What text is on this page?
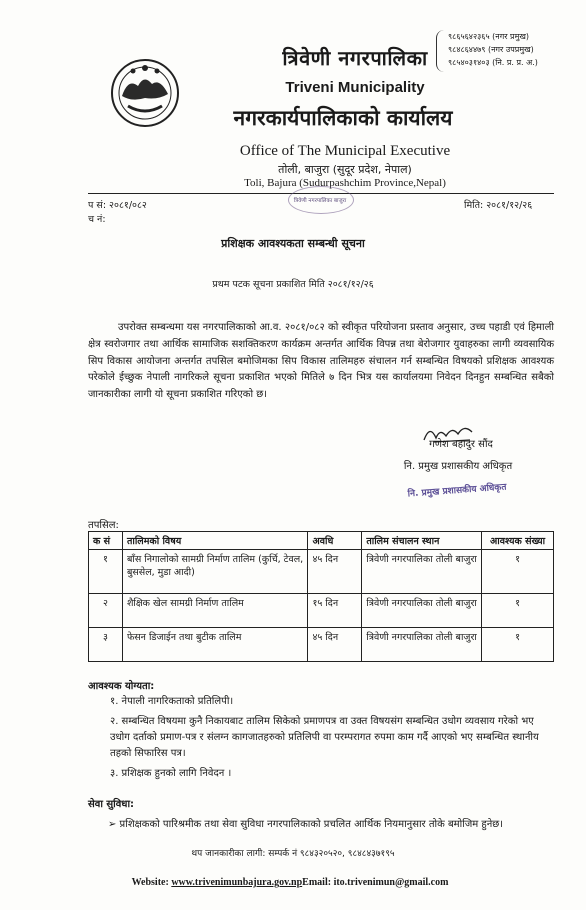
त्रिवेणी नगरपालिका
Triveni Municipality
नगरकार्यपालिकाको कार्यालय
Office of The Municipal Executive
तोली, बाजुरा (सुदूर प्रदेश, नेपाल)
Toli, Bajura (Sudurpashchim Province,Nepal)
९८६५६४२३६५ (नगर प्रमुख)
९८४८६४४७९ (नगर उपप्रमुख)
९८५४०३१४०३ (नि. प्र. प्र. अ.)
त्रिवेणी नगरपालिका बाजुरा
प सं: २०८१/०८२
च नं:
मिति: २०८१/१२/२६
प्रशिक्षक आवश्यकता सम्बन्धी सूचना
प्रथम पटक सूचना प्रकाशित मिति २०८१/१२/२६
उपरोक्त सम्बन्धमा यस नगरपालिकाको आ.व. २०८१/०८२ को स्वीकृत परियोजना प्रस्ताव अनुसार, उच्च पहाडी एवं हिमाली क्षेत्र स्वरोजगार तथा आर्थिक सामाजिक सशक्तिकरण कार्यक्रम अन्तर्गत आर्थिक विपन्न तथा बेरोजगार युवाहरुका लागी व्यवसायिक सिप विकास आयोजना अन्तर्गत तपसिल बमोजिमका सिप विकास तालिमहरु संचालन गर्न सम्बन्धित विषयको प्रशिक्षक आवश्यक परेकोले ईच्छुक नेपाली नागरिकले सूचना प्रकाशित भएको मितिले ७ दिन भित्र यस कार्यालयमा निवेदन दिनहुन सम्बन्धित सबैको जानकारीका लागी यो सूचना प्रकाशित गरिएको छ।
गणेश बहादुर सौंद
नि. प्रमुख प्रशासकीय अधिकृत
नि. प्रमुख प्रशासकीय अधिकृत
तपसिल:
क सं	तालिमको विषय	अवधि	तालिम संचालन स्थान	आवश्यक संख्या
१	बाँस निगालोको सामग्री निर्माण तालिम (कुर्चि, टेवल, बुससेल, मुडा आदी)	४५ दिन	त्रिवेणी नगरपालिका तोली बाजुरा	१
२	शैक्षिक खेल सामग्री निर्माण तालिम	१५ दिन	त्रिवेणी नगरपालिका तोली बाजुरा	१
३	फेसन डिजाईन तथा बुटीक तालिम	४५ दिन	त्रिवेणी नगरपालिका तोली बाजुरा	१
आवश्यक योग्यता:
१. नेपाली नागरिकताको प्रतिलिपी।
२. सम्बन्धित विषयमा कुनै निकायबाट तालिम सिकेको प्रमाणपत्र वा उक्त विषयसंग सम्बन्धित उधोग व्यवसाय गरेको भए उधोग दर्ताको प्रमाण-पत्र र संलग्न कागजातहरुको प्रतिलिपी वा परम्परागत रुपमा काम गर्दै आएको भए सम्बन्धित स्थानीय तहको सिफारिस पत्र।
३. प्रशिक्षक हुनको लागि निवेदन ।
सेवा सुविधा:
➢ प्रशिक्षकको पारिश्रमीक तथा सेवा सुविधा नगरपालिकाको प्रचलित आर्थिक नियमानुसार तोके बमोजिम हुनेछ।
थप जानकारीका लागी: सम्पर्क नं ९८४३२०५२०, ९८४८४३७१९५
Website: www.trivenimunbajura.gov.npEmail: ito.trivenimun@gmail.com
